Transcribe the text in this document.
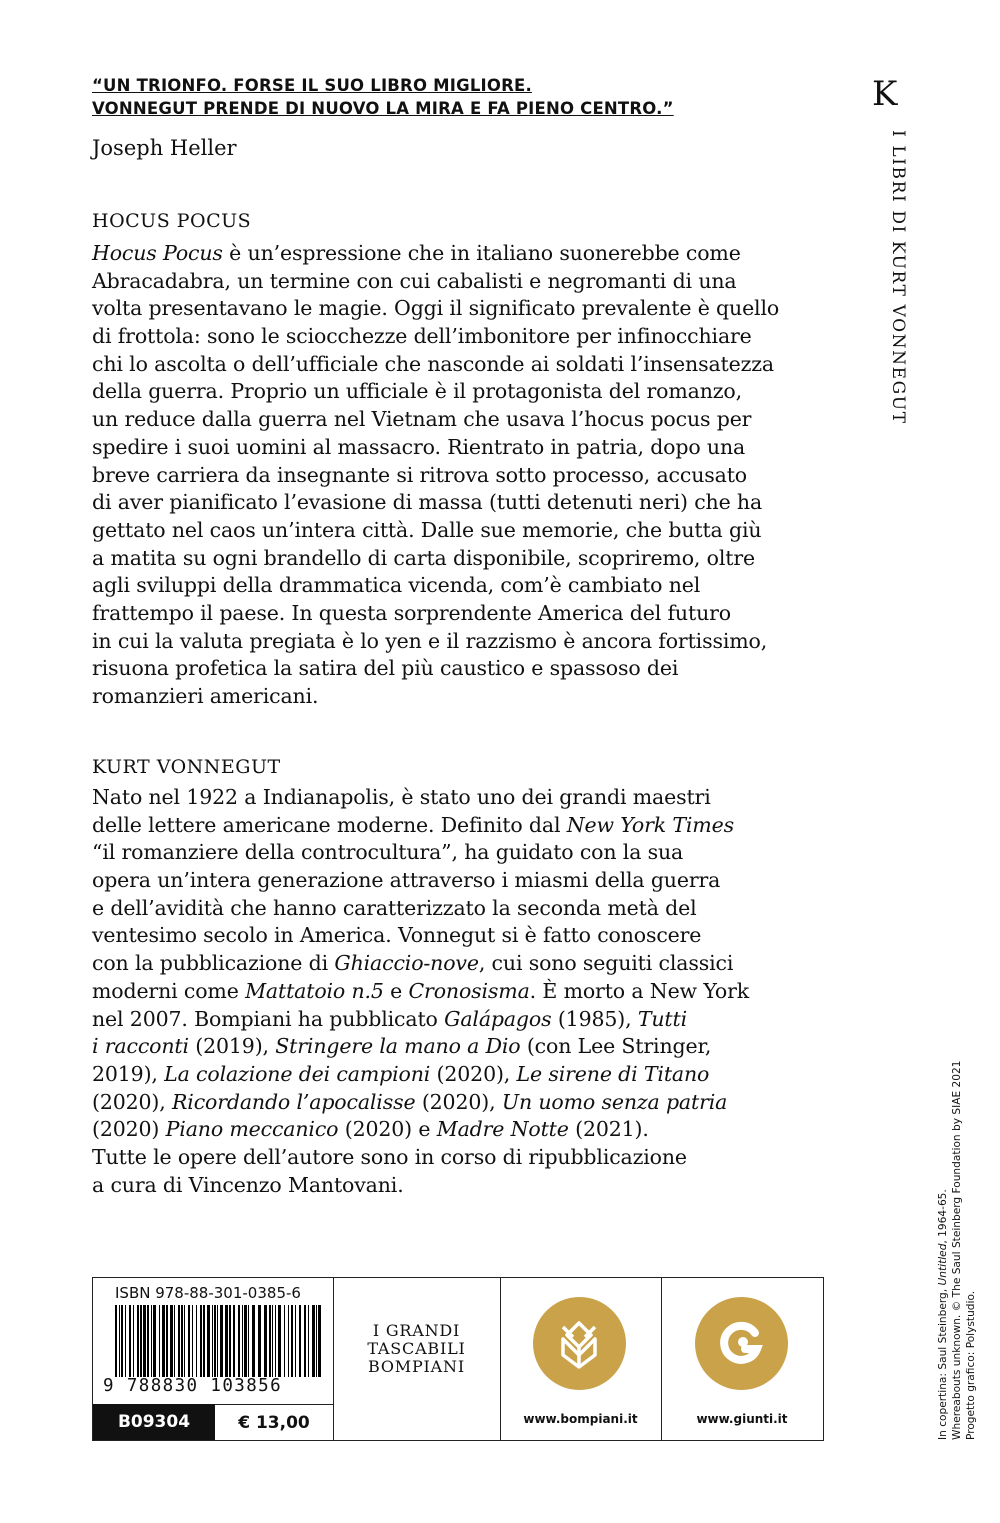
“UN TRIONFO. FORSE IL SUO LIBRO MIGLIORE.
VONNEGUT PRENDE DI NUOVO LA MIRA E FA PIENO CENTRO.”
Joseph Heller
K
I LIBRI DI KURT VONNEGUT
HOCUS POCUS
Hocus Pocus è un’espressione che in italiano suonerebbe come
Abracadabra, un termine con cui cabalisti e negromanti di una
volta presentavano le magie. Oggi il significato prevalente è quello
di frottola: sono le sciocchezze dell’imbonitore per infinocchiare
chi lo ascolta o dell’ufficiale che nasconde ai soldati l’insensatezza
della guerra. Proprio un ufficiale è il protagonista del romanzo,
un reduce dalla guerra nel Vietnam che usava l’hocus pocus per
spedire i suoi uomini al massacro. Rientrato in patria, dopo una
breve carriera da insegnante si ritrova sotto processo, accusato
di aver pianificato l’evasione di massa (tutti detenuti neri) che ha
gettato nel caos un’intera città. Dalle sue memorie, che butta giù
a matita su ogni brandello di carta disponibile, scopriremo, oltre
agli sviluppi della drammatica vicenda, com’è cambiato nel
frattempo il paese. In questa sorprendente America del futuro
in cui la valuta pregiata è lo yen e il razzismo è ancora fortissimo,
risuona profetica la satira del più caustico e spassoso dei
romanzieri americani.
KURT VONNEGUT
Nato nel 1922 a Indianapolis, è stato uno dei grandi maestri
delle lettere americane moderne. Definito dal New York Times
“il romanziere della controcultura”, ha guidato con la sua
opera un’intera generazione attraverso i miasmi della guerra
e dell’avidità che hanno caratterizzato la seconda metà del
ventesimo secolo in America. Vonnegut si è fatto conoscere
con la pubblicazione di Ghiaccio-nove, cui sono seguiti classici
moderni come Mattatoio n.5 e Cronosisma. È morto a New York
nel 2007. Bompiani ha pubblicato Galápagos (1985), Tutti
i racconti (2019), Stringere la mano a Dio (con Lee Stringer,
2019), La colazione dei campioni (2020), Le sirene di Titano
(2020), Ricordando l’apocalisse (2020), Un uomo senza patria
(2020) Piano meccanico (2020) e Madre Notte (2021).
Tutte le opere dell’autore sono in corso di ripubblicazione
a cura di Vincenzo Mantovani.
In copertina: Saul Steinberg, Untitled, 1964-65. Whereabouts unknown. © The Saul Steinberg Foundation by SIAE 2021 Progetto grafico: Polystudio.
ISBN 978-88-301-0385-6
9 788830 103856
B09304	€ 13,00
I GRANDI
TASCABILI
BOMPIANI
www.bompiani.it	www.giunti.it
